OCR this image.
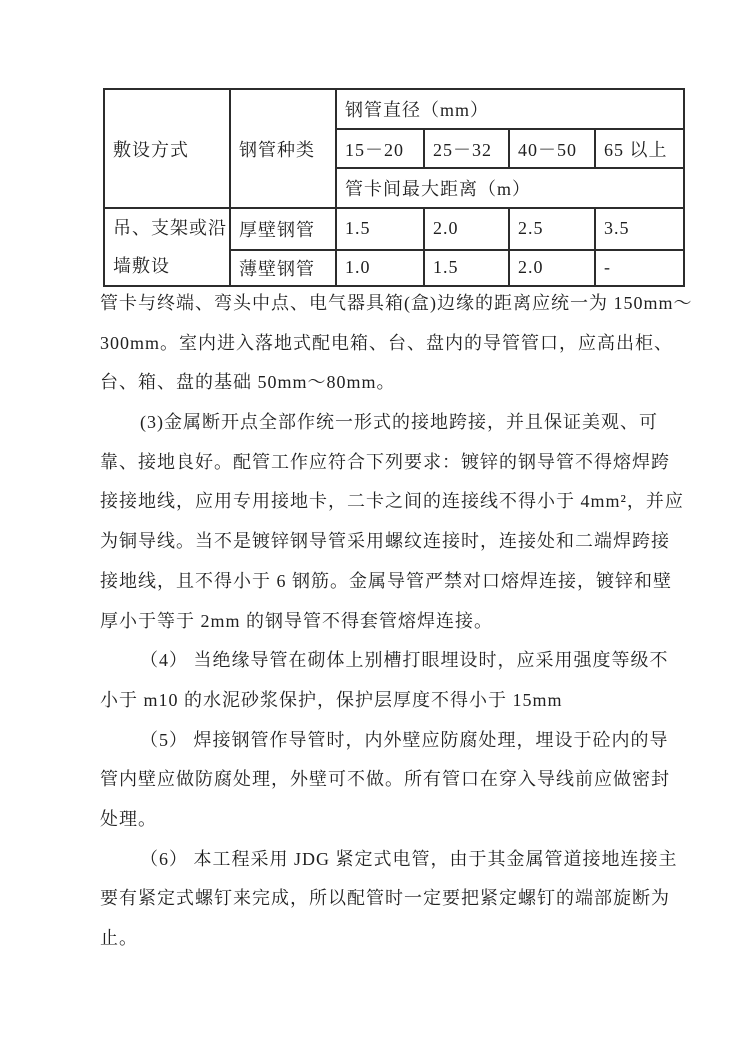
敷设方式	钢管种类	钢管直径（mm）			
		15－20	25－32	40－50	65 以上
		管卡间最大距离（m）			

吊、支架或沿
墙敷设	厚壁钢管	1.5	2.0	2.5	3.5
	薄壁钢管	1.0	1.5	2.0	-
管卡与终端、弯头中点、电气器具箱(盒)边缘的距离应统一为 150mm～
300mm。室内进入落地式配电箱、台、盘内的导管管口，应高出柜、
台、箱、盘的基础 50mm～80mm。
(3)金属断开点全部作统一形式的接地跨接，并且保证美观、可
靠、接地良好。配管工作应符合下列要求：镀锌的钢导管不得熔焊跨
接接地线，应用专用接地卡，二卡之间的连接线不得小于 4mm²，并应
为铜导线。当不是镀锌钢导管采用螺纹连接时，连接处和二端焊跨接
接地线，且不得小于 6 钢筋。金属导管严禁对口熔焊连接，镀锌和壁
厚小于等于 2mm 的钢导管不得套管熔焊连接。
（4） 当绝缘导管在砌体上别槽打眼埋设时，应采用强度等级不
小于 m10 的水泥砂浆保护，保护层厚度不得小于 15mm
（5） 焊接钢管作导管时，内外壁应防腐处理，埋设于砼内的导
管内壁应做防腐处理，外壁可不做。所有管口在穿入导线前应做密封
处理。
（6） 本工程采用 JDG 紧定式电管，由于其金属管道接地连接主
要有紧定式螺钉来完成，所以配管时一定要把紧定螺钉的端部旋断为
止。
